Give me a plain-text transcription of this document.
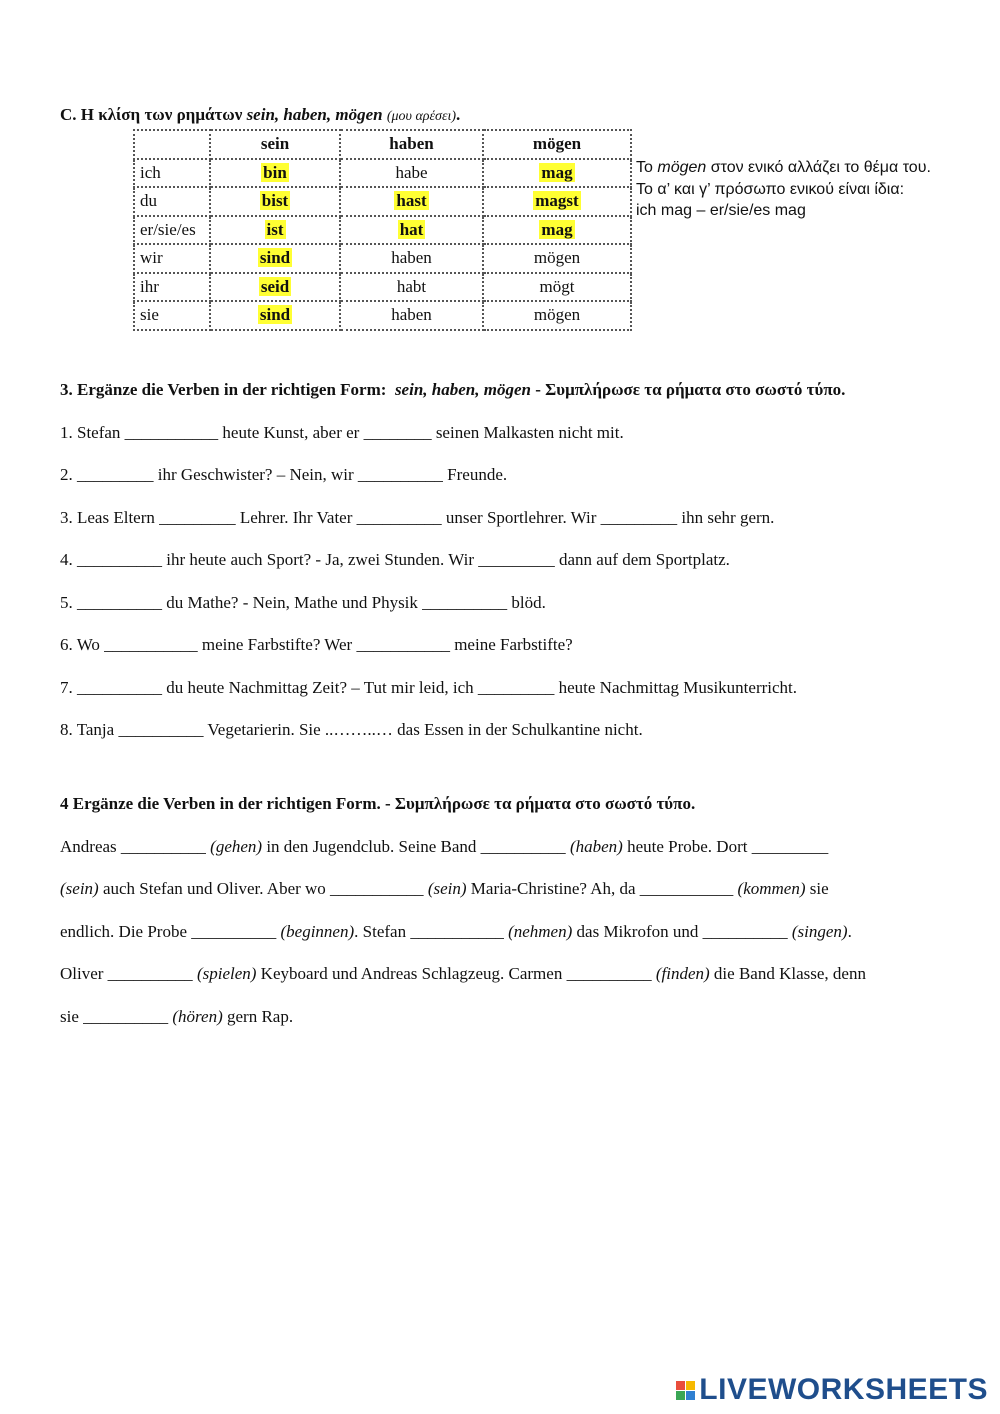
C. Η κλίση των ρημάτων sein, haben, mögen (μου αρέσει).
	sein	haben	mögen
ich	bin	habe	mag
du	bist	hast	magst
er/sie/es	ist	hat	mag
wir	sind	haben	mögen
ihr	seid	habt	mögt
sie	sind	haben	mögen
Το mögen στον ενικό αλλάζει το θέμα του.
Το α’ και γ’ πρόσωπο ενικού είναι ίδια:
ich mag – er/sie/es mag
3. Ergänze die Verben in der richtigen Form: sein, haben, mögen - Συμπλήρωσε τα ρήματα στο σωστό τύπο.
1. Stefan ___________ heute Kunst, aber er ________ seinen Malkasten nicht mit.
2. _________ ihr Geschwister? – Nein, wir __________ Freunde.
3. Leas Eltern _________ Lehrer. Ihr Vater __________ unser Sportlehrer. Wir _________ ihn sehr gern.
4. __________ ihr heute auch Sport? - Ja, zwei Stunden. Wir _________ dann auf dem Sportplatz.
5. __________ du Mathe? - Nein, Mathe und Physik __________ blöd.
6. Wo ___________ meine Farbstifte? Wer ___________ meine Farbstifte?
7. __________ du heute Nachmittag Zeit? – Tut mir leid, ich _________ heute Nachmittag Musikunterricht.
8. Tanja __________ Vegetarierin. Sie ..……..… das Essen in der Schulkantine nicht.
4 Ergänze die Verben in der richtigen Form. - Συμπλήρωσε τα ρήματα στο σωστό τύπο.
Andreas __________ (gehen) in den Jugendclub. Seine Band __________ (haben) heute Probe. Dort _________
(sein) auch Stefan und Oliver. Aber wo ___________ (sein) Maria-Christine? Ah, da ___________ (kommen) sie
endlich. Die Probe __________ (beginnen). Stefan ___________ (nehmen) das Mikrofon und __________ (singen).
Oliver __________ (spielen) Keyboard und Andreas Schlagzeug. Carmen __________ (finden) die Band Klasse, denn
sie __________ (hören) gern Rap.
LIVEWORKSHEETS
